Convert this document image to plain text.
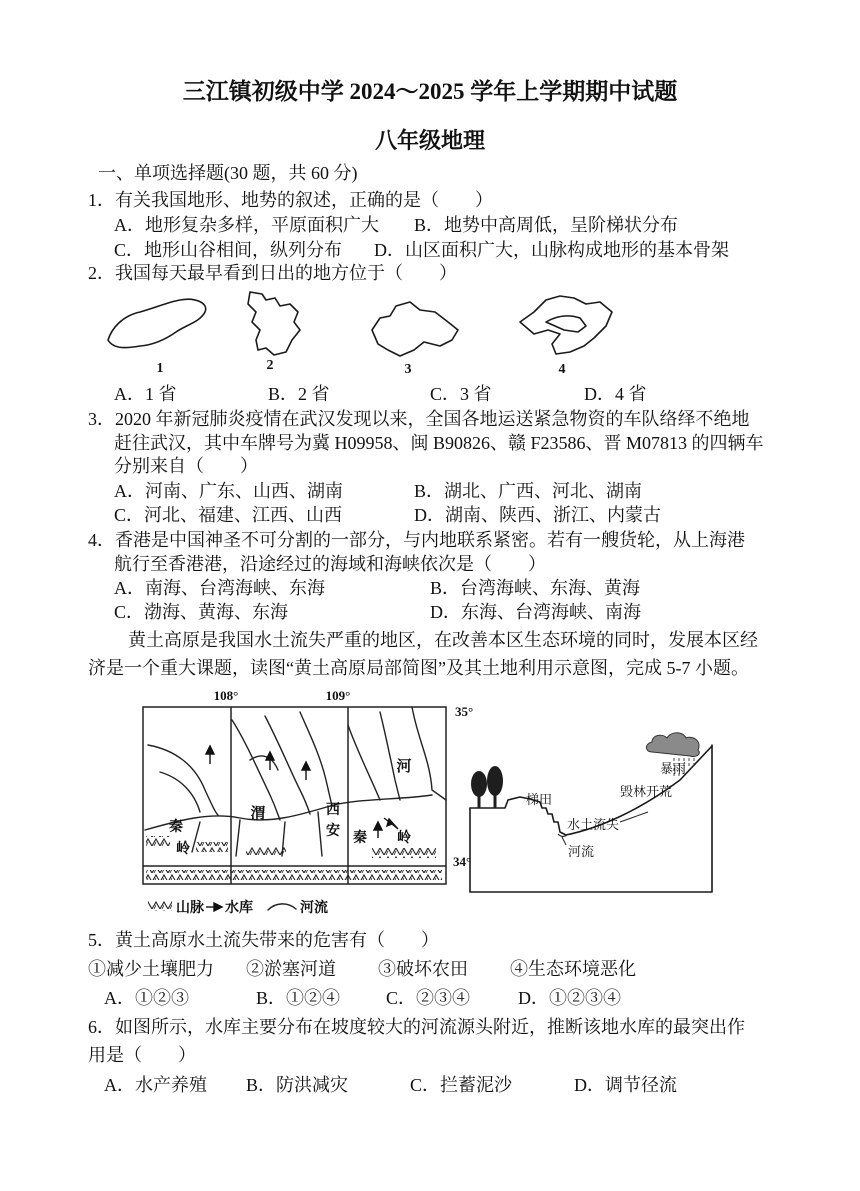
三江镇初级中学 2024～2025 学年上学期期中试题
八年级地理
一、单项选择题(30 题，共 60 分)
1．有关我国地形、地势的叙述，正确的是（　　）
A．地形复杂多样，平原面积广大 B．地势中高周低，呈阶梯状分布
C．地形山谷相间，纵列分布 D．山区面积广大，山脉构成地形的基本骨架
2．我国每天最早看到日出的地方位于（　　）
1	2	3	4
A．1 省	B．2 省	C．3 省	D．4 省
3．2020 年新冠肺炎疫情在武汉发现以来，全国各地运送紧急物资的车队络绎不绝地
赶往武汉，其中车牌号为冀 H09958、闽 B90826、赣 F23586、晋 M07813 的四辆车
分别来自（　　）
A．河南、广东、山西、湖南	B．湖北、广西、河北、湖南
C．河北、福建、江西、山西	D．湖南、陕西、浙江、内蒙古
4．香港是中国神圣不可分割的一部分，与内地联系紧密。若有一艘货轮，从上海港
航行至香港港，沿途经过的海域和海峡依次是（　　）
A．南海、台湾海峡、东海	B．台湾海峡、东海、黄海
C．渤海、黄海、东海	D．东海、台湾海峡、南海
黄土高原是我国水土流失严重的地区，在改善本区生态环境的同时，发展本区经
济是一个重大课题，读图“黄土高原局部简图”及其土地利用示意图，完成 5-7 小题。
108°	109°
35°
34°
河
渭	西
安
秦
岭
秦 岭
山脉 水库	河流
暴雨
毁林开荒
梯田
水土流失
河流
5．黄土高原水土流失带来的危害有（　　）
①减少土壤肥力 ②淤塞河道 ③破坏农田 ④生态环境恶化
A．①②③	B．①②④	C．②③④	D．①②③④
6．如图所示，水库主要分布在坡度较大的河流源头附近，推断该地水库的最突出作
用是（　　）
A．水产养殖 B．防洪减灾	C．拦蓄泥沙	D．调节径流
